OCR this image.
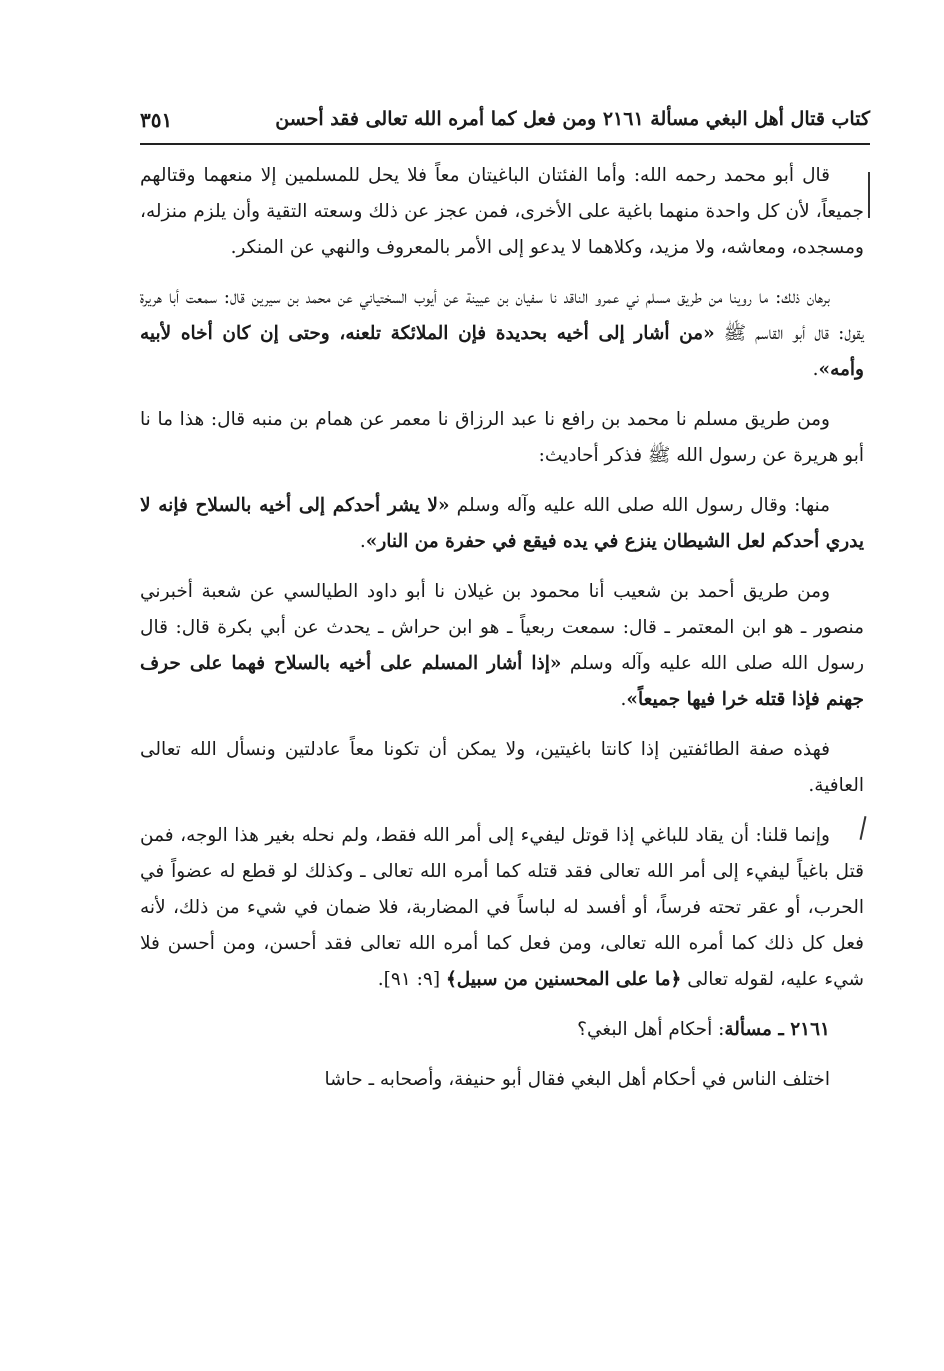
كتاب قتال أهل البغي مسألة ٢١٦١ ومن فعل كما أمره الله تعالى فقد أحسن
٣٥١

قال أبو محمد رحمه الله: وأما الفئتان الباغيتان معاً فلا يحل للمسلمين إلا منعهما وقتالهم جميعاً، لأن كل واحدة منهما باغية على الأخرى، فمن عجز عن ذلك وسعته التقية وأن يلزم منزله، ومسجده، ومعاشه، ولا مزيد، وكلاهما لا يدعو إلى الأمر بالمعروف والنهي عن المنكر.

برهان ذلك: ما روينا من طريق مسلم ني عمرو الناقد نا سفيان بن عيينة عن أيوب السختياني عن محمد بن سيرين قال: سمعت أبا هريرة يقول: قال أبو القاسم ﷺ «من أشار إلى أخيه بحديدة فإن الملائكة تلعنه، وحتى إن كان أخاه لأبيه وأمه».

ومن طريق مسلم نا محمد بن رافع نا عبد الرزاق نا معمر عن همام بن منبه قال: هذا ما نا أبو هريرة عن رسول الله ﷺ فذكر أحاديث:

منها: وقال رسول الله صلى الله عليه وآله وسلم «لا يشر أحدكم إلى أخيه بالسلاح فإنه لا يدري أحدكم لعل الشيطان ينزع في يده فيقع في حفرة من النار».

ومن طريق أحمد بن شعيب أنا محمود بن غيلان نا أبو داود الطيالسي عن شعبة أخبرني منصور ـ هو ابن المعتمر ـ قال: سمعت ربعياً ـ هو ابن حراش ـ يحدث عن أبي بكرة قال: قال رسول الله صلى الله عليه وآله وسلم «إذا أشار المسلم على أخيه بالسلاح فهما على حرف جهنم فإذا قتله خرا فيها جميعاً».

فهذه صفة الطائفتين إذا كانتا باغيتين، ولا يمكن أن تكونا معاً عادلتين ونسأل الله تعالى العافية.

وإنما قلنا: أن يقاد للباغي إذا قوتل ليفيء إلى أمر الله فقط، ولم نحله بغير هذا الوجه، فمن قتل باغياً ليفيء إلى أمر الله تعالى فقد قتله كما أمره الله تعالى ـ وكذلك لو قطع له عضواً في الحرب، أو عقر تحته فرساً، أو أفسد له لباساً في المضاربة، فلا ضمان في شيء من ذلك، لأنه فعل كل ذلك كما أمره الله تعالى، ومن فعل كما أمره الله تعالى فقد أحسن، ومن أحسن فلا شيء عليه، لقوله تعالى ﴿ما على المحسنين من سبيل﴾ [٩: ٩١].

٢١٦١ ـ مسألة: أحكام أهل البغي؟

اختلف الناس في أحكام أهل البغي فقال أبو حنيفة، وأصحابه ـ حاشا
